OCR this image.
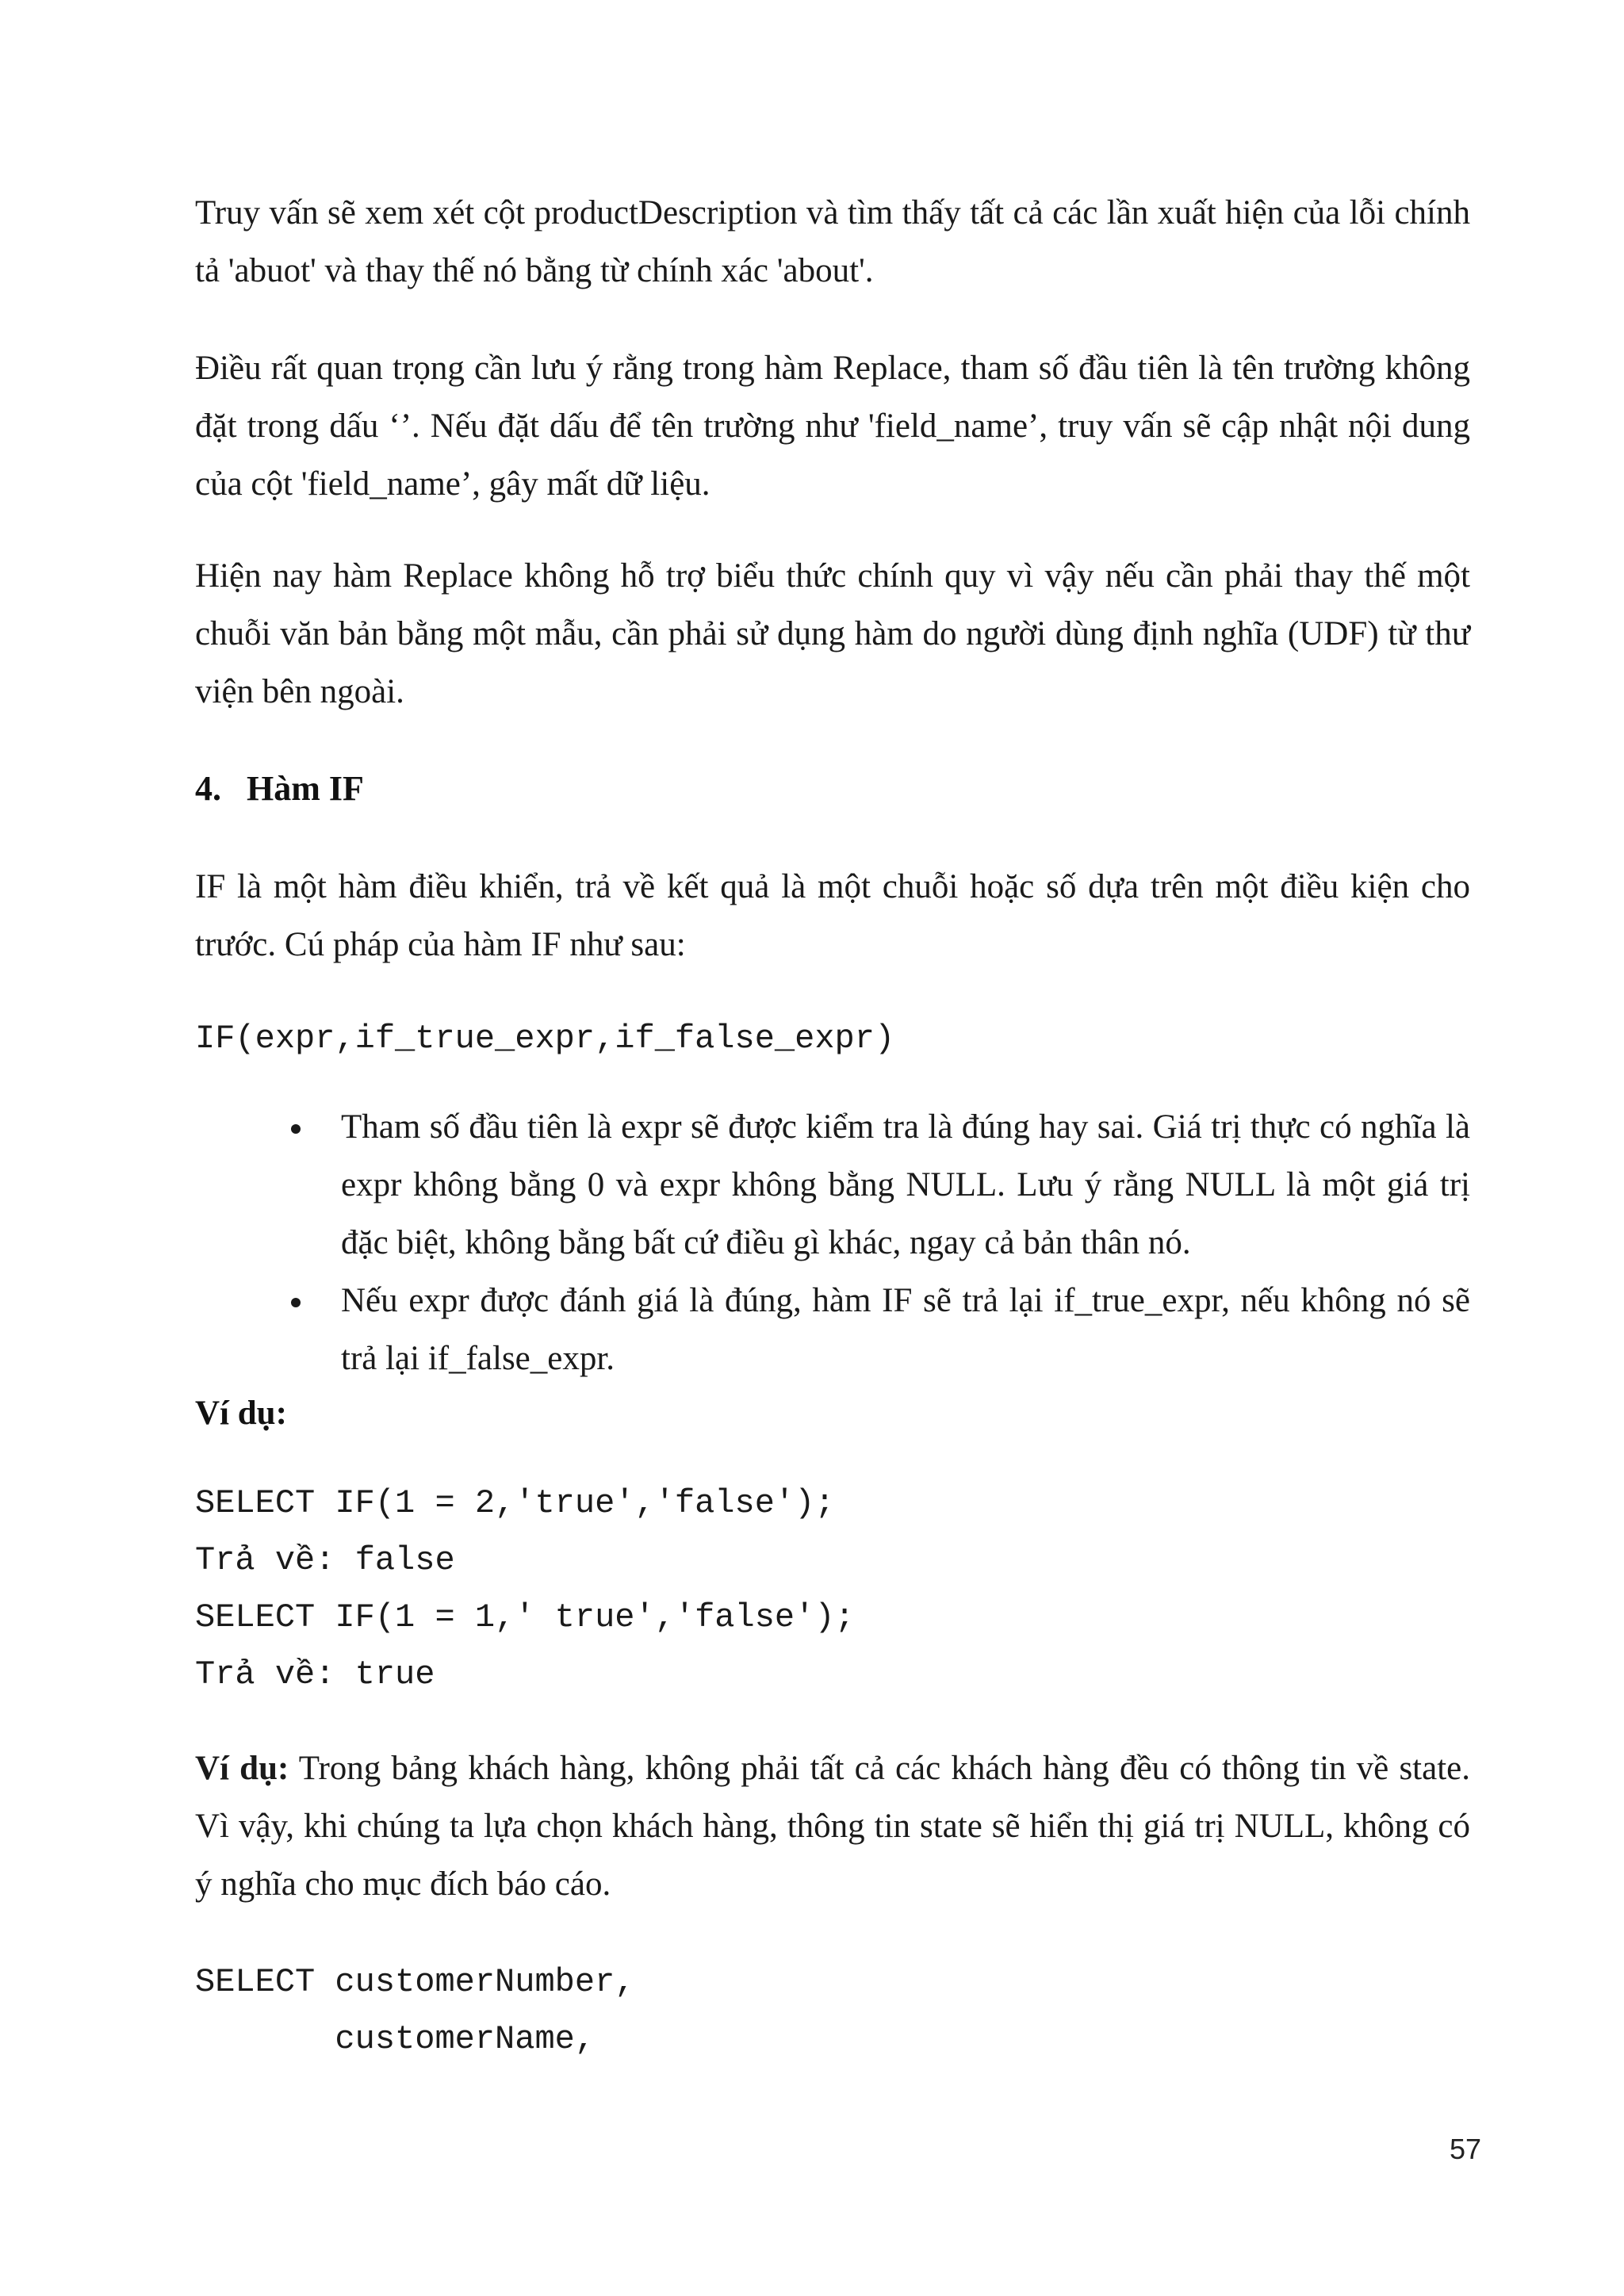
Truy vấn sẽ xem xét cột productDescription và tìm thấy tất cả các lần xuất hiện của lỗi chính tả 'abuot' và thay thế nó bằng từ chính xác 'about'.

Điều rất quan trọng cần lưu ý rằng trong hàm Replace, tham số đầu tiên là tên trường không đặt trong dấu ‘’. Nếu đặt dấu để tên trường như 'field_name’, truy vấn sẽ cập nhật nội dung của cột 'field_name’, gây mất dữ liệu.

Hiện nay hàm Replace không hỗ trợ biểu thức chính quy vì vậy nếu cần phải thay thế một chuỗi văn bản bằng một mẫu, cần phải sử dụng hàm do người dùng định nghĩa (UDF) từ thư viện bên ngoài.

4. Hàm IF

IF là một hàm điều khiển, trả về kết quả là một chuỗi hoặc số dựa trên một điều kiện cho trước. Cú pháp của hàm IF như sau:

IF(expr,if_true_expr,if_false_expr)

Tham số đầu tiên là expr sẽ được kiểm tra là đúng hay sai. Giá trị thực có nghĩa là expr không bằng 0 và expr không bằng NULL. Lưu ý rằng NULL là một giá trị đặc biệt, không bằng bất cứ điều gì khác, ngay cả bản thân nó.

Nếu expr được đánh giá là đúng, hàm IF sẽ trả lại if_true_expr, nếu không nó sẽ trả lại if_false_expr.

Ví dụ:
SELECT IF(1 = 2,'true','false');
Trả về: false
SELECT IF(1 = 1,' true','false');
Trả về: true

Ví dụ: Trong bảng khách hàng, không phải tất cả các khách hàng đều có thông tin về state. Vì vậy, khi chúng ta lựa chọn khách hàng, thông tin state sẽ hiển thị giá trị NULL, không có ý nghĩa cho mục đích báo cáo.

SELECT customerNumber,
customerName,
57
